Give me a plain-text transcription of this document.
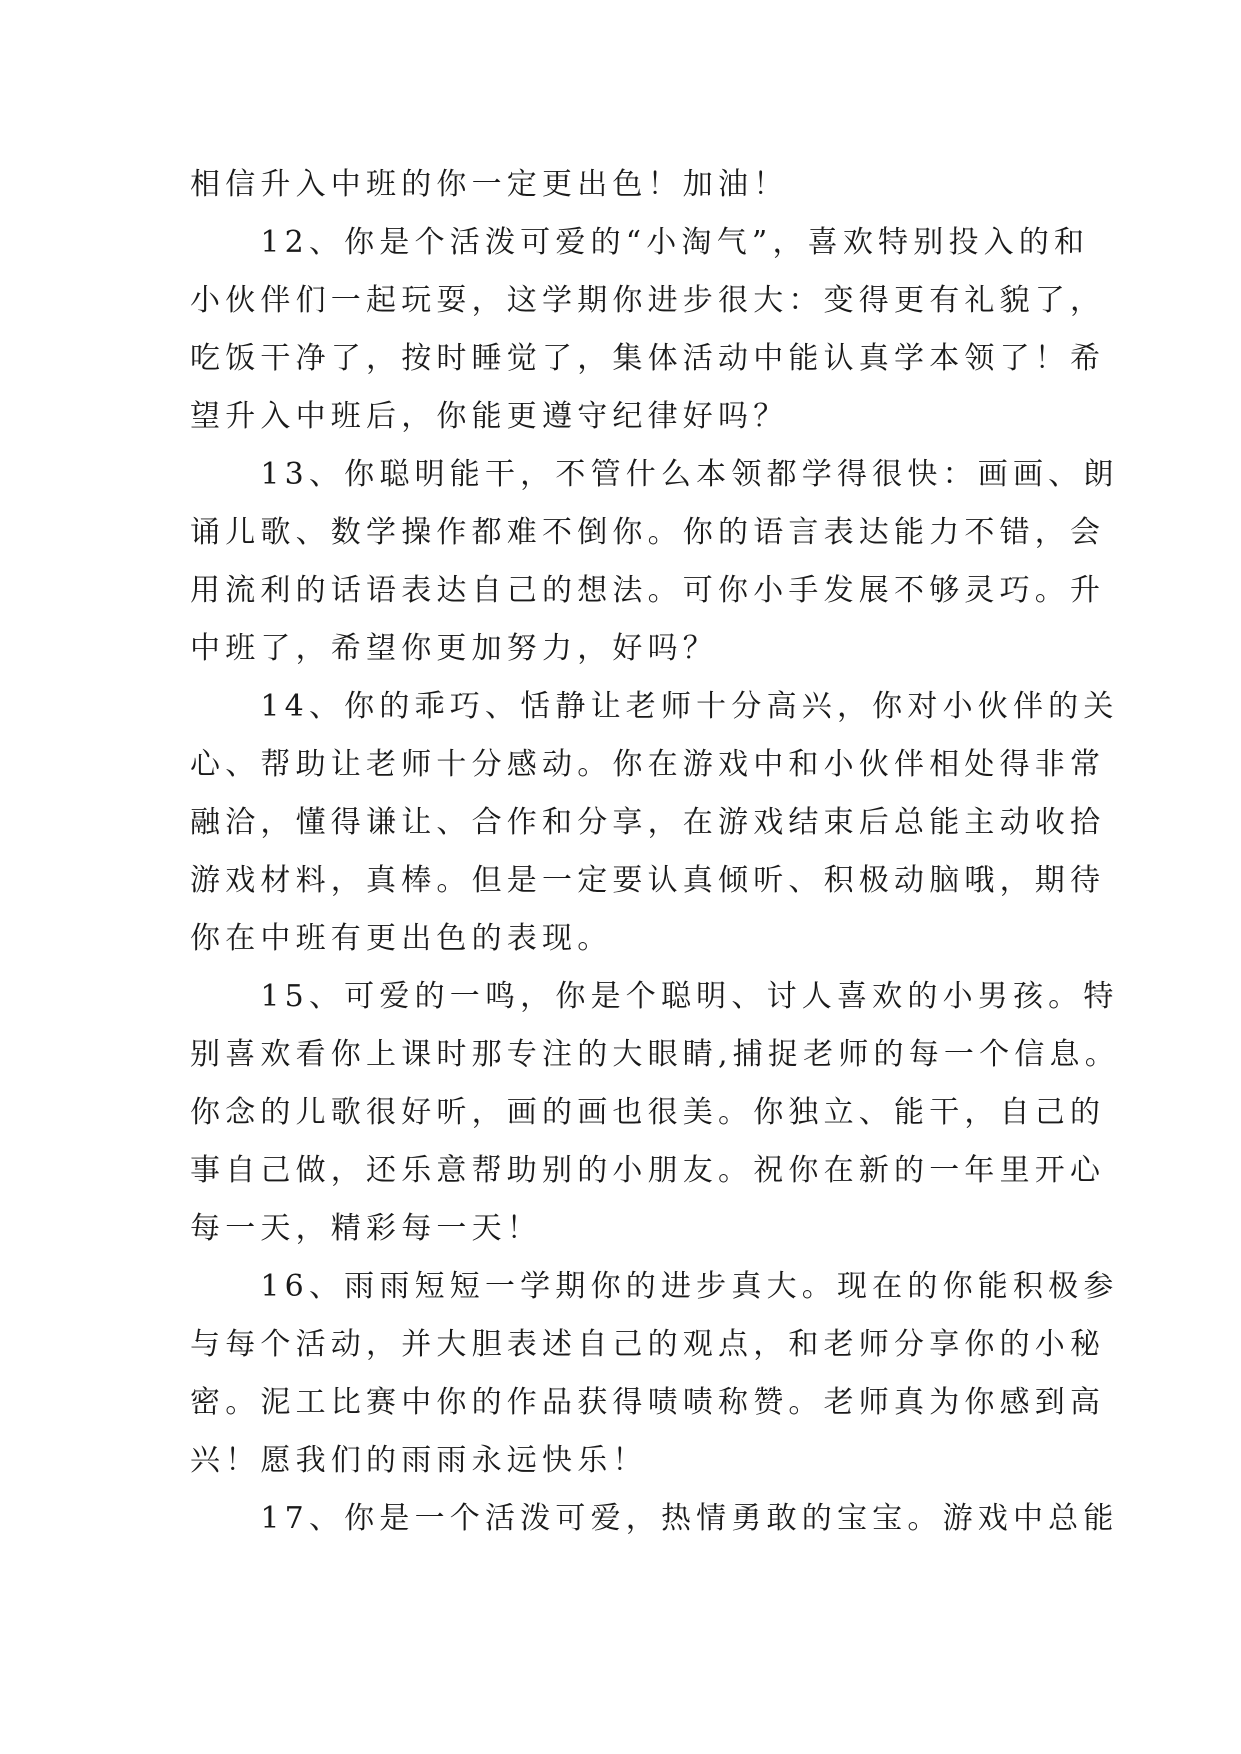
相信升入中班的你一定更出色！加油！
　　12、你是个活泼可爱的“小淘气”，喜欢特别投入的和
小伙伴们一起玩耍，这学期你进步很大：变得更有礼貌了，
吃饭干净了，按时睡觉了，集体活动中能认真学本领了！希
望升入中班后，你能更遵守纪律好吗？
　　13、你聪明能干，不管什么本领都学得很快：画画、朗
诵儿歌、数学操作都难不倒你。你的语言表达能力不错，会
用流利的话语表达自己的想法。可你小手发展不够灵巧。升
中班了，希望你更加努力，好吗？
　　14、你的乖巧、恬静让老师十分高兴，你对小伙伴的关
心、帮助让老师十分感动。你在游戏中和小伙伴相处得非常
融洽，懂得谦让、合作和分享，在游戏结束后总能主动收拾
游戏材料，真棒。但是一定要认真倾听、积极动脑哦，期待
你在中班有更出色的表现。
　　15、可爱的一鸣，你是个聪明、讨人喜欢的小男孩。特
别喜欢看你上课时那专注的大眼睛,捕捉老师的每一个信息。
你念的儿歌很好听，画的画也很美。你独立、能干，自己的
事自己做，还乐意帮助别的小朋友。祝你在新的一年里开心
每一天，精彩每一天！
　　16、雨雨短短一学期你的进步真大。现在的你能积极参
与每个活动，并大胆表述自己的观点，和老师分享你的小秘
密。泥工比赛中你的作品获得啧啧称赞。老师真为你感到高
兴！愿我们的雨雨永远快乐！
　　17、你是一个活泼可爱，热情勇敢的宝宝。游戏中总能
